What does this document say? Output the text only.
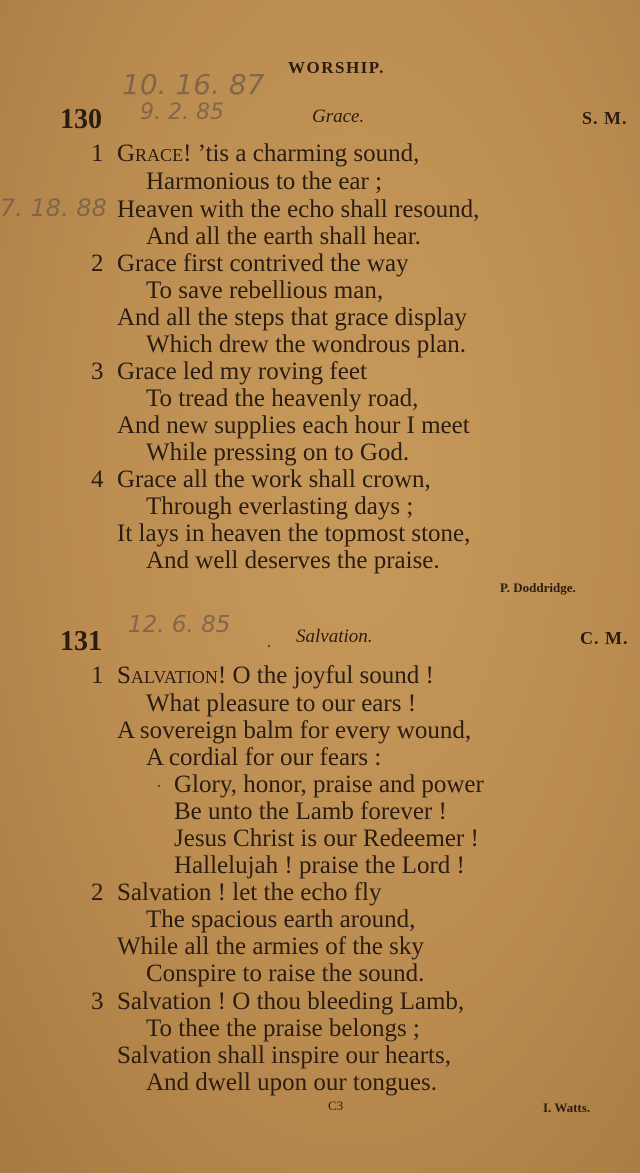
WORSHIP.
10. 16. 87
130 9. 2. 85	Grace.	S. M.
7. 18. 88
1 Grace! ’tis a charming sound,
Harmonious to the ear ;
Heaven with the echo shall resound,
And all the earth shall hear.
2 Grace first contrived the way
To save rebellious man,
And all the steps that grace display
Which drew the wondrous plan.
3 Grace led my roving feet
To tread the heavenly road,
And new supplies each hour I meet
While pressing on to God.
4 Grace all the work shall crown,
Through everlasting days ;
It lays in heaven the topmost stone,
And well deserves the praise.
P. Doddridge.
131
12. 6. 85	Salvation.	C. M.
1 Salvation! O the joyful sound !
What pleasure to our ears !
A sovereign balm for every wound,
A cordial for our fears :
Glory, honor, praise and power
Be unto the Lamb forever !
Jesus Christ is our Redeemer !
Hallelujah ! praise the Lord !
2 Salvation ! let the echo fly
The spacious earth around,
While all the armies of the sky
Conspire to raise the sound.
3 Salvation ! O thou bleeding Lamb,
To thee the praise belongs ;
Salvation shall inspire our hearts,
And dwell upon our tongues.
C3	I. Watts.
